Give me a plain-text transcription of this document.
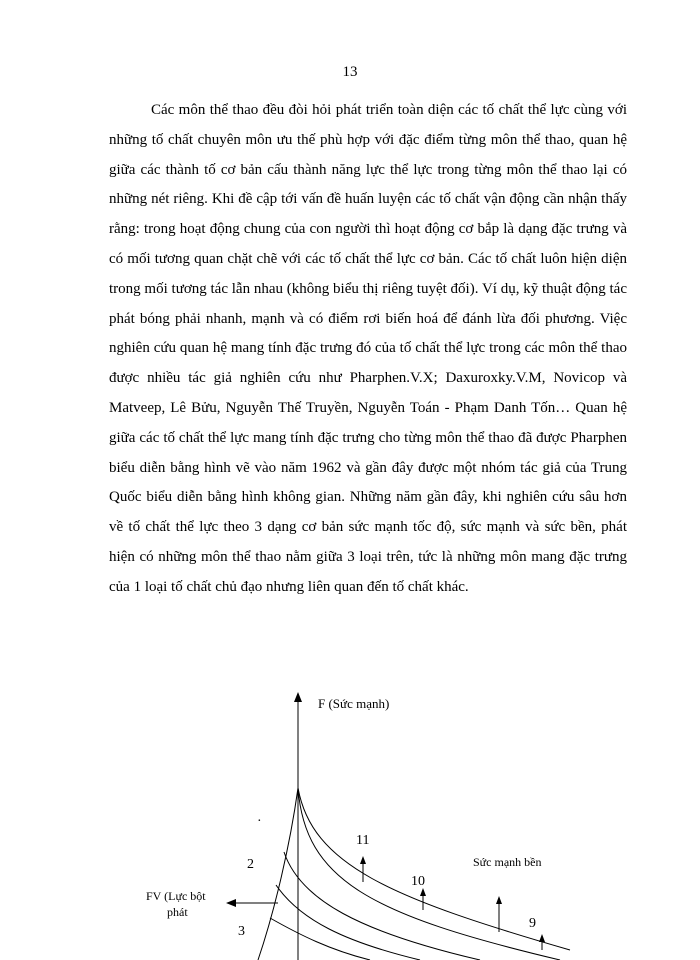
13

Các môn thể thao đều đòi hỏi phát triển toàn diện các tố chất thể lực cùng với những tố chất chuyên môn ưu thế phù hợp với đặc điểm từng môn thể thao, quan hệ giữa các thành tố cơ bản cấu thành năng lực thể lực trong từng môn thể thao lại có những nét riêng. Khi đề cập tới vấn đề huấn luyện các tố chất vận động cần nhận thấy rằng: trong hoạt động chung của con người thì hoạt động cơ bắp là dạng đặc trưng và có mối tương quan chặt chẽ với các tố chất thể lực cơ bản. Các tố chất luôn hiện diện trong mối tương tác lẫn nhau (không biểu thị riêng tuyệt đối). Ví dụ, kỹ thuật động tác phát bóng phải nhanh, mạnh và có điểm rơi biến hoá để đánh lừa đối phương. Việc nghiên cứu quan hệ mang tính đặc trưng đó của tố chất thể lực trong các môn thể thao được nhiều tác giả nghiên cứu như Pharphen.V.X; Daxuroxky.V.M, Novicop và Matveep, Lê Bửu, Nguyễn Thế Truyền, Nguyễn Toán - Phạm Danh Tốn… Quan hệ giữa các tố chất thể lực mang tính đặc trưng cho từng môn thể thao đã được Pharphen biểu diễn bằng hình vẽ vào năm 1962 và gần đây được một nhóm tác giả của Trung Quốc biểu diễn bằng hình không gian. Những năm gần đây, khi nghiên cứu sâu hơn về tố chất thể lực theo 3 dạng cơ bản sức mạnh tốc độ, sức mạnh và sức bền, phát hiện có những môn thể thao nằm giữa 3 loại trên, tức là những môn mang đặc trưng của 1 loại tố chất chủ đạo nhưng liên quan đến tố chất khác.

F (Sức mạnh)
FV (Lực bột
phát
·
2
3
9
10
11
Sức mạnh bền
